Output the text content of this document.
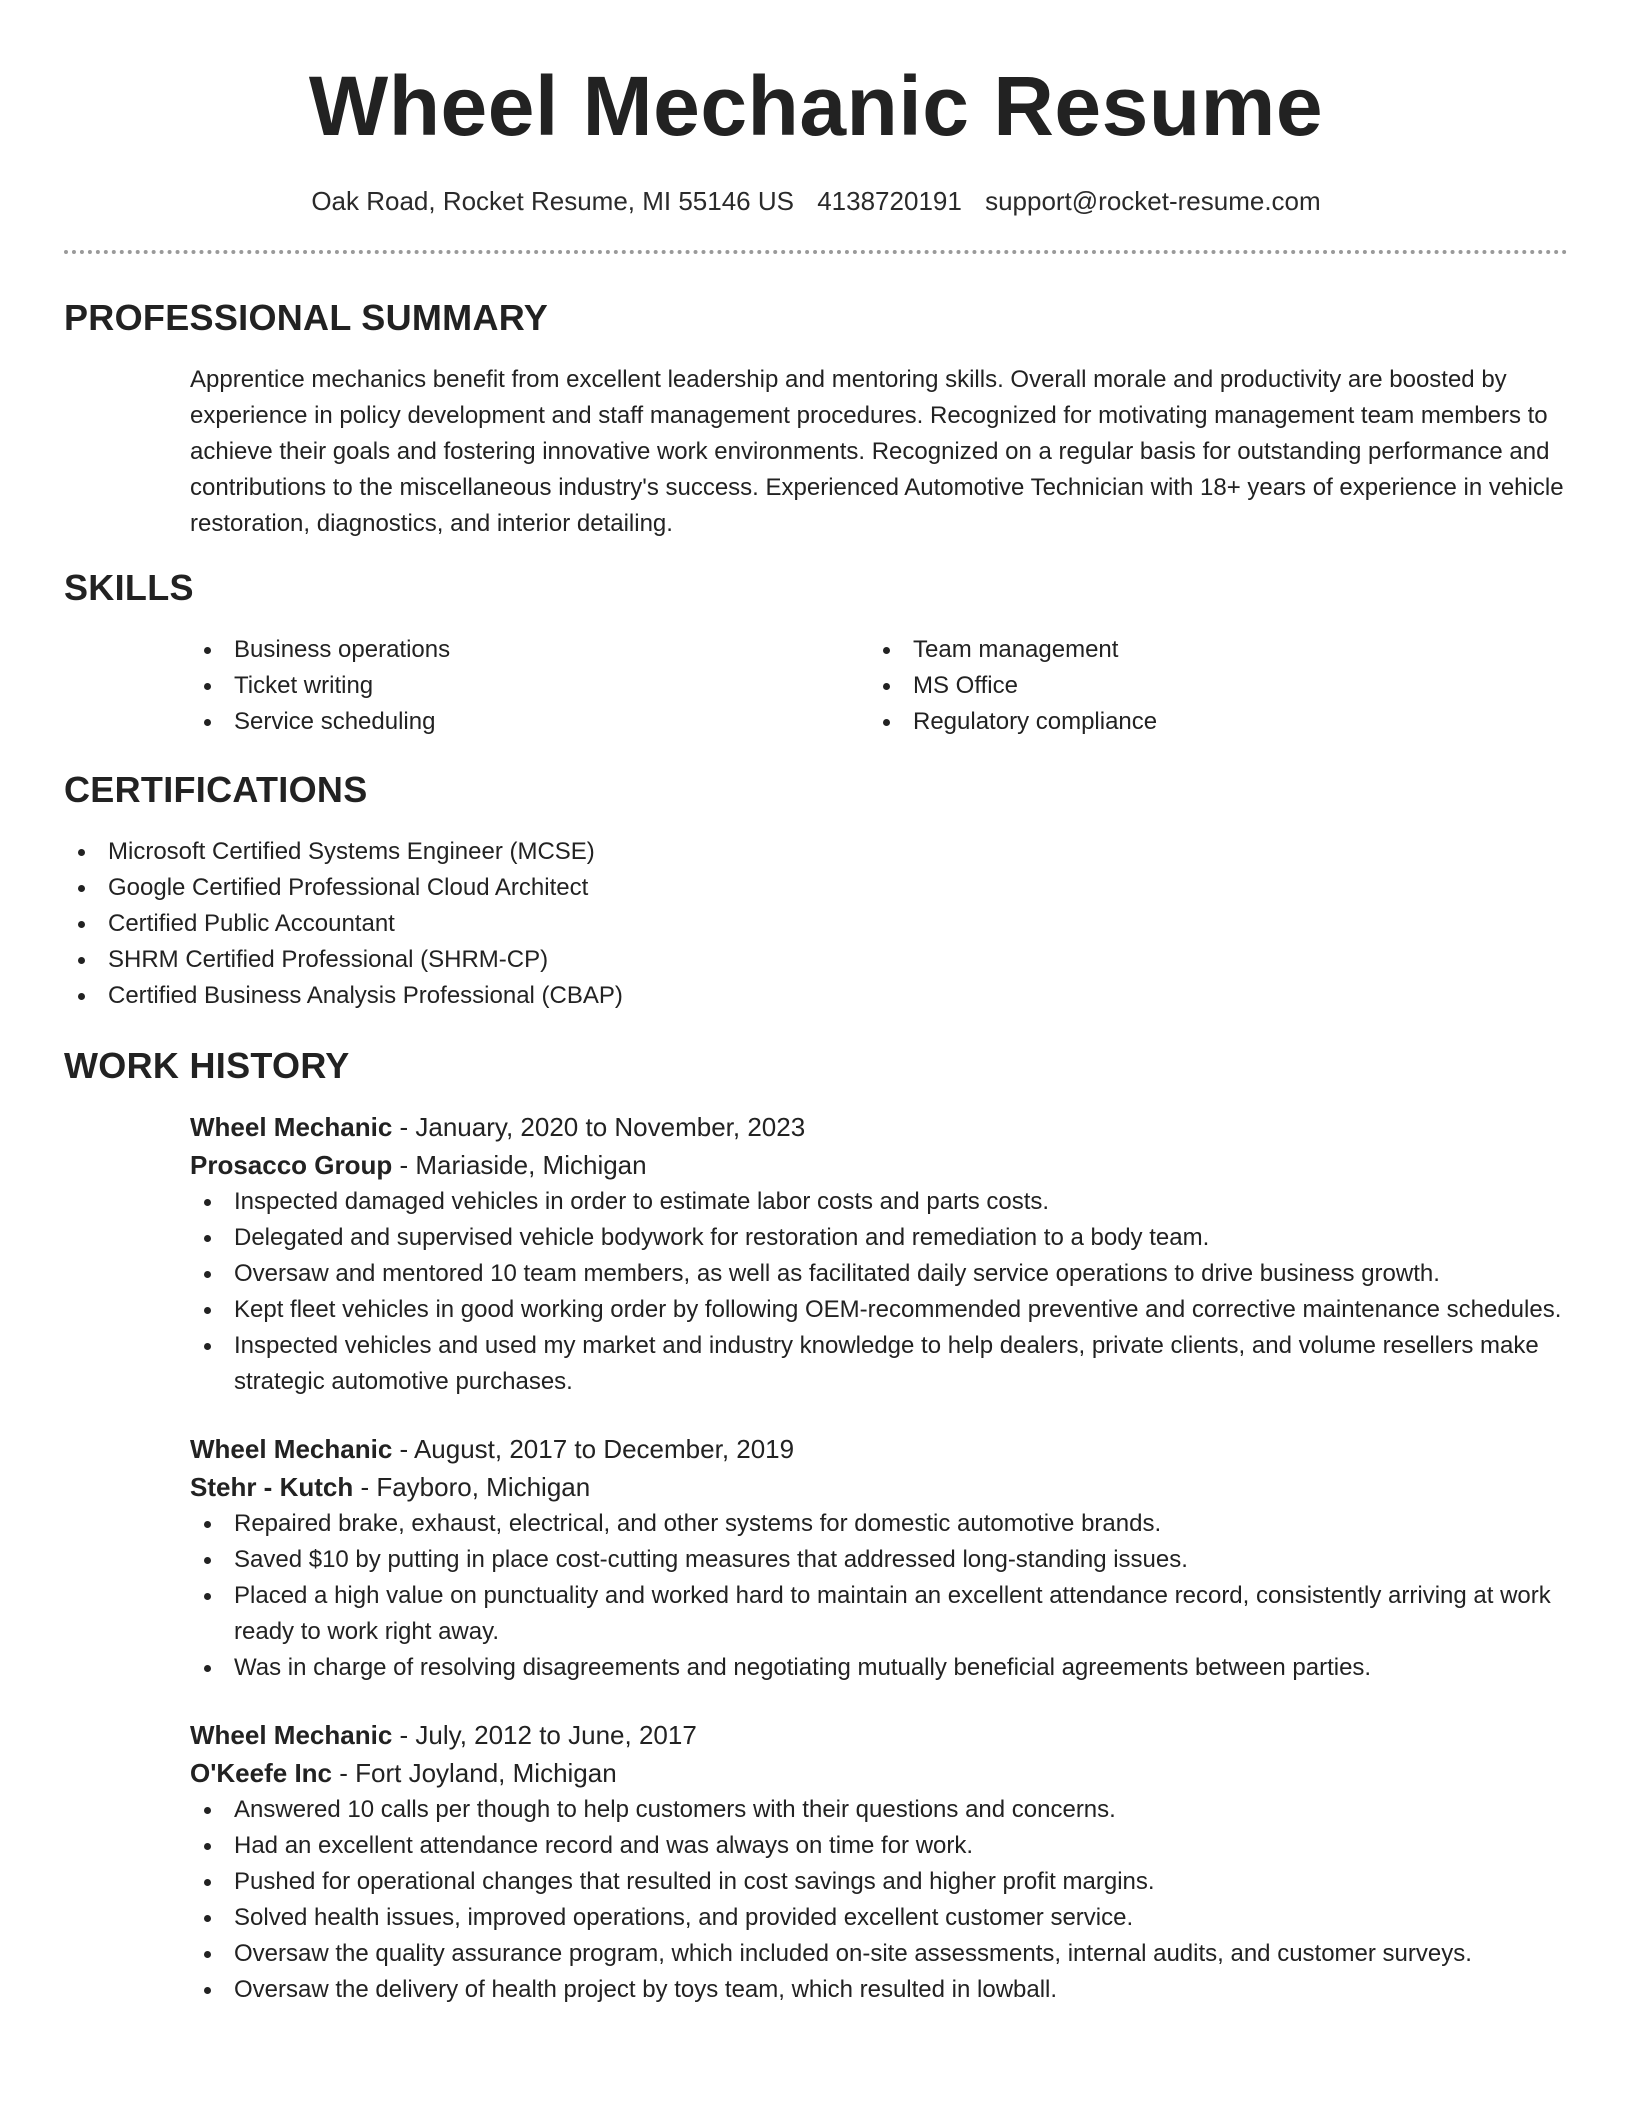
Wheel Mechanic Resume
Oak Road, Rocket Resume, MI 55146 US 4138720191 support@rocket-resume.com
PROFESSIONAL SUMMARY
Apprentice mechanics benefit from excellent leadership and mentoring skills. Overall morale and productivity are boosted by experience in policy development and staff management procedures. Recognized for motivating management team members to achieve their goals and fostering innovative work environments. Recognized on a regular basis for outstanding performance and contributions to the miscellaneous industry's success. Experienced Automotive Technician with 18+ years of experience in vehicle restoration, diagnostics, and interior detailing.
SKILLS
Business operations
Ticket writing
Service scheduling
Team management
MS Office
Regulatory compliance
CERTIFICATIONS
Microsoft Certified Systems Engineer (MCSE)
Google Certified Professional Cloud Architect
Certified Public Accountant
SHRM Certified Professional (SHRM-CP)
Certified Business Analysis Professional (CBAP)
WORK HISTORY
Wheel Mechanic - January, 2020 to November, 2023
Prosacco Group - Mariaside, Michigan
Inspected damaged vehicles in order to estimate labor costs and parts costs.
Delegated and supervised vehicle bodywork for restoration and remediation to a body team.
Oversaw and mentored 10 team members, as well as facilitated daily service operations to drive business growth.
Kept fleet vehicles in good working order by following OEM-recommended preventive and corrective maintenance schedules.
Inspected vehicles and used my market and industry knowledge to help dealers, private clients, and volume resellers make strategic automotive purchases.
Wheel Mechanic - August, 2017 to December, 2019
Stehr - Kutch - Fayboro, Michigan
Repaired brake, exhaust, electrical, and other systems for domestic automotive brands.
Saved $10 by putting in place cost-cutting measures that addressed long-standing issues.
Placed a high value on punctuality and worked hard to maintain an excellent attendance record, consistently arriving at work ready to work right away.
Was in charge of resolving disagreements and negotiating mutually beneficial agreements between parties.
Wheel Mechanic - July, 2012 to June, 2017
O'Keefe Inc - Fort Joyland, Michigan
Answered 10 calls per though to help customers with their questions and concerns.
Had an excellent attendance record and was always on time for work.
Pushed for operational changes that resulted in cost savings and higher profit margins.
Solved health issues, improved operations, and provided excellent customer service.
Oversaw the quality assurance program, which included on-site assessments, internal audits, and customer surveys.
Oversaw the delivery of health project by toys team, which resulted in lowball.
